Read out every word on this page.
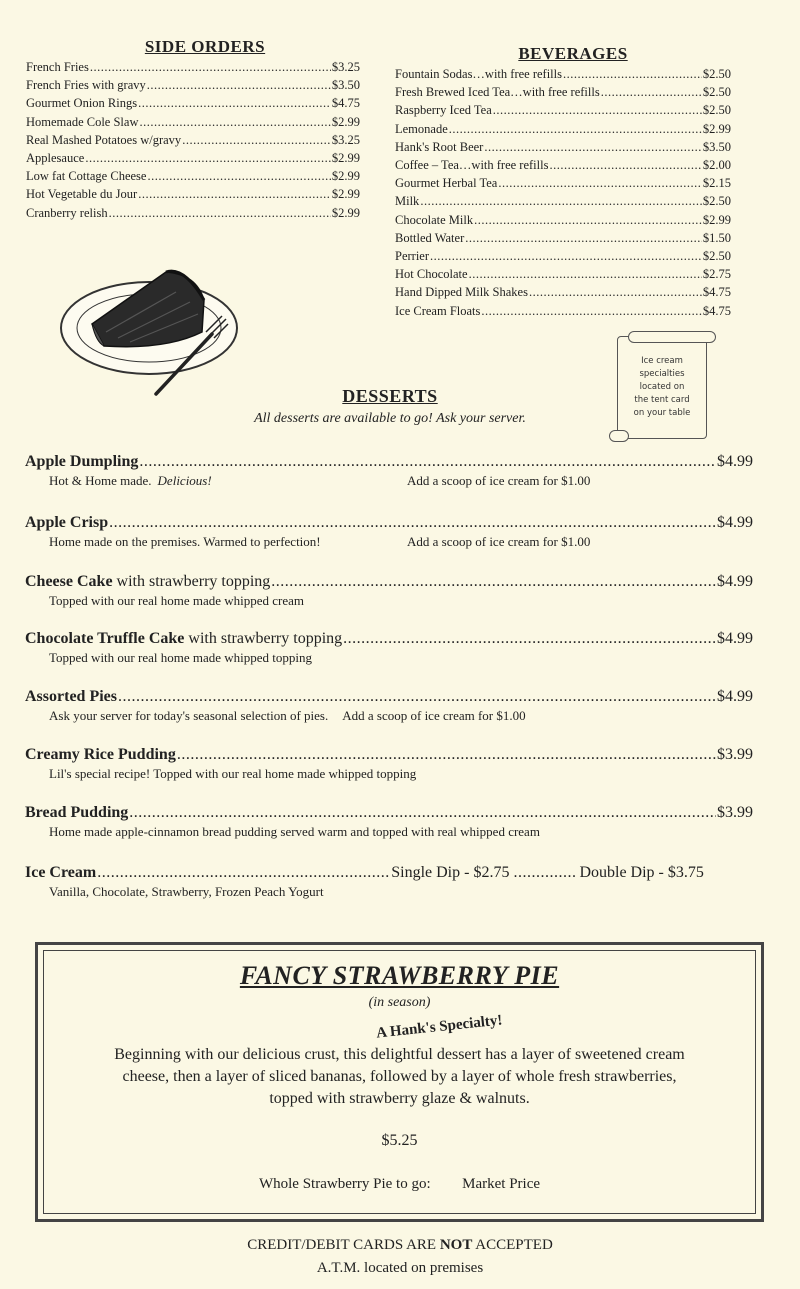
SIDE ORDERS
French Fries .....	$3.25
French Fries with gravy .....	$3.50
Gourmet Onion Rings .....	$4.75
Homemade Cole Slaw .....	$2.99
Real Mashed Potatoes w/gravy .....	$3.25
Applesauce .....	$2.99
Low fat Cottage Cheese .....	$2.99
Hot Vegetable du Jour .....	$2.99
Cranberry relish .....	$2.99
BEVERAGES
Fountain Sodas…with free refills .....	$2.50
Fresh Brewed Iced Tea…with free refills .....	$2.50
Raspberry Iced Tea .....	$2.50
Lemonade .....	$2.99
Hank's Root Beer .....	$3.50
Coffee – Tea…with free refills .....	$2.00
Gourmet Herbal Tea .....	$2.15
Milk .....	$2.50
Chocolate Milk .....	$2.99
Bottled Water .....	$1.50
Perrier .....	$2.50
Hot Chocolate .....	$2.75
Hand Dipped Milk Shakes .....	$4.75
Ice Cream Floats .....	$4.75
Ice cream
specialties
located on
the tent card
on your table
DESSERTS
All desserts are available to go! Ask your server.
Apple Dumpling .....	$4.99
Hot & Home made. Delicious!	Add a scoop of ice cream for $1.00
Apple Crisp .....	$4.99
Home made on the premises. Warmed to perfection!	Add a scoop of ice cream for $1.00
Cheese Cake with strawberry topping .....	$4.99
Topped with our real home made whipped cream
Chocolate Truffle Cake with strawberry topping .....	$4.99
Topped with our real home made whipped topping
Assorted Pies .....	$4.99
Ask your server for today's seasonal selection of pies. Add a scoop of ice cream for $1.00
Creamy Rice Pudding .....	$3.99
Lil's special recipe! Topped with our real home made whipped topping
Bread Pudding .....	$3.99
Home made apple-cinnamon bread pudding served warm and topped with real whipped cream
Ice Cream .....	Single Dip - $2.75 .....	Double Dip - $3.75
Vanilla, Chocolate, Strawberry, Frozen Peach Yogurt
FANCY STRAWBERRY PIE
(in season)
A Hank's Specialty!
Beginning with our delicious crust, this delightful dessert has a layer of sweetened cream cheese, then a layer of sliced bananas, followed by a layer of whole fresh strawberries, topped with strawberry glaze & walnuts.
$5.25
Whole Strawberry Pie to go: Market Price
CREDIT/DEBIT CARDS ARE NOT ACCEPTED
A.T.M. located on premises
